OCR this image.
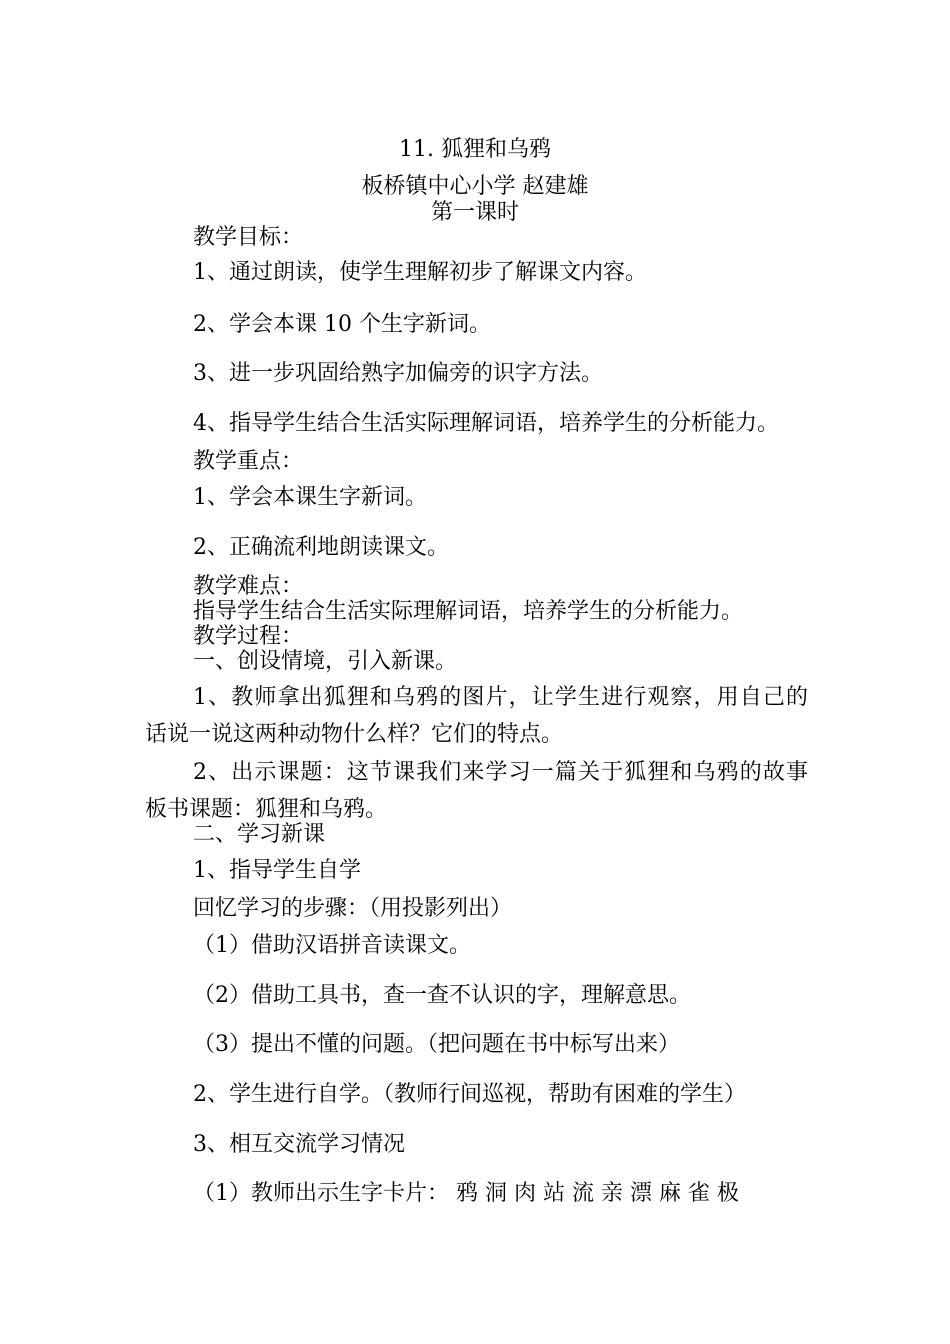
11. 狐狸和乌鸦
板桥镇中心小学 赵建雄
第一课时
教学目标：
1、通过朗读，使学生理解初步了解课文内容。
2、学会本课 10 个生字新词。
3、进一步巩固给熟字加偏旁的识字方法。
4、指导学生结合生活实际理解词语，培养学生的分析能力。
教学重点：
1、学会本课生字新词。
2、正确流利地朗读课文。
教学难点：
指导学生结合生活实际理解词语，培养学生的分析能力。
教学过程：
一、创设情境，引入新课。
1、教师拿出狐狸和乌鸦的图片，让学生进行观察，用自己的
话说一说这两种动物什么样？它们的特点。
2、出示课题：这节课我们来学习一篇关于狐狸和乌鸦的故事
板书课题：狐狸和乌鸦。
二、学习新课
1、指导学生自学
回忆学习的步骤：（用投影列出）
（1）借助汉语拼音读课文。
（2）借助工具书，查一查不认识的字，理解意思。
（3）提出不懂的问题。（把问题在书中标写出来）
2、学生进行自学。（教师行间巡视，帮助有困难的学生）
3、相互交流学习情况
（1）教师出示生字卡片： 鸦 洞 肉 站 流 亲 漂 麻 雀 极
